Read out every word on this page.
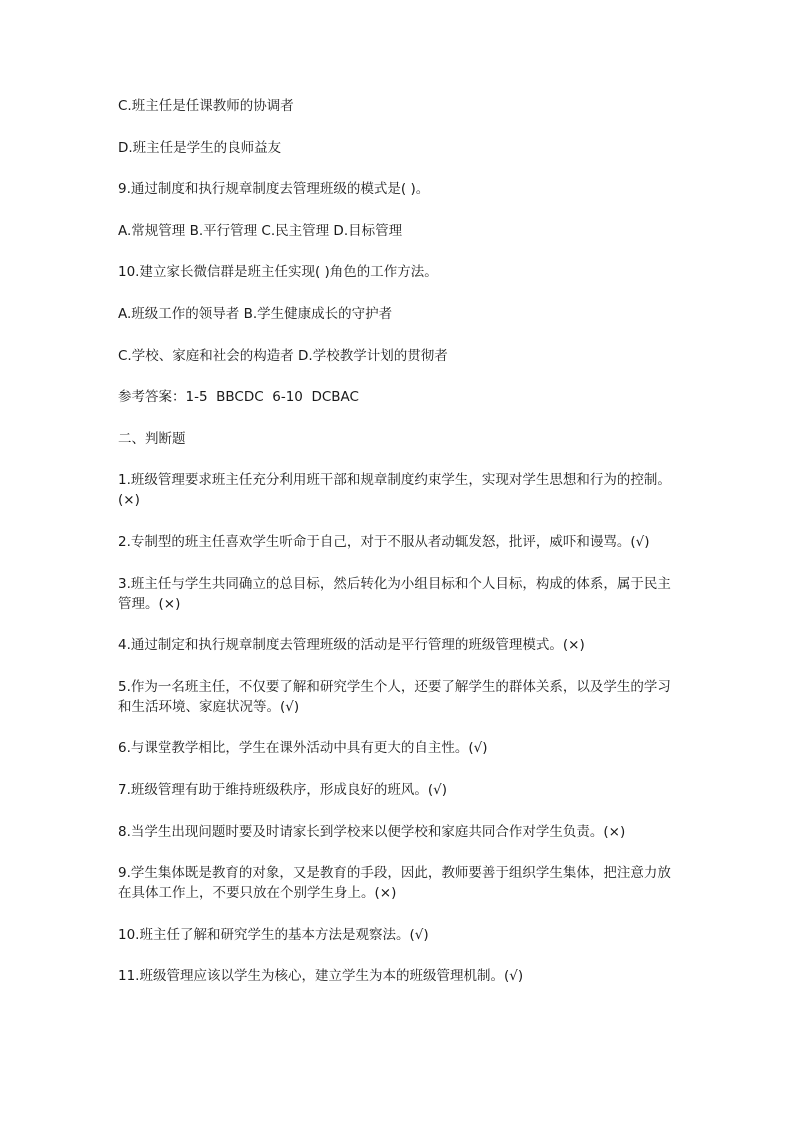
C.班主任是任课教师的协调者
D.班主任是学生的良师益友
9.通过制度和执行规章制度去管理班级的模式是( )。
A.常规管理 B.平行管理 C.民主管理 D.目标管理
10.建立家长微信群是班主任实现( )角色的工作方法。
A.班级工作的领导者 B.学生健康成长的守护者
C.学校、家庭和社会的构造者 D.学校教学计划的贯彻者
参考答案：1-5  BBCDC  6-10  DCBAC
二、判断题
1.班级管理要求班主任充分利用班干部和规章制度约束学生，实现对学生思想和行为的控制。(×)
2.专制型的班主任喜欢学生听命于自己，对于不服从者动辄发怒，批评，威吓和谩骂。(√)
3.班主任与学生共同确立的总目标，然后转化为小组目标和个人目标，构成的体系，属于民主管理。(×)
4.通过制定和执行规章制度去管理班级的活动是平行管理的班级管理模式。(×)
5.作为一名班主任，不仅要了解和研究学生个人，还要了解学生的群体关系，以及学生的学习和生活环境、家庭状况等。(√)
6.与课堂教学相比，学生在课外活动中具有更大的自主性。(√)
7.班级管理有助于维持班级秩序，形成良好的班风。(√)
8.当学生出现问题时要及时请家长到学校来以便学校和家庭共同合作对学生负责。(×)
9.学生集体既是教育的对象，又是教育的手段，因此，教师要善于组织学生集体，把注意力放在具体工作上，不要只放在个别学生身上。(×)
10.班主任了解和研究学生的基本方法是观察法。(√)
11.班级管理应该以学生为核心，建立学生为本的班级管理机制。(√)
